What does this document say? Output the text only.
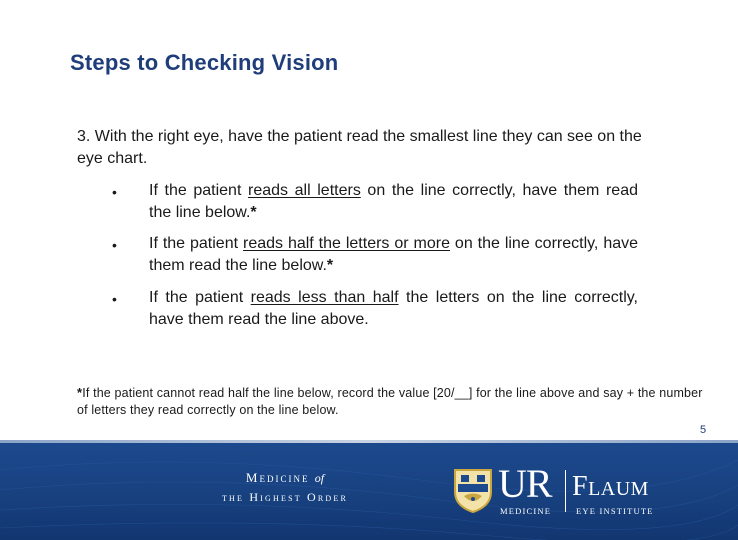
Steps to Checking Vision

3. With the right eye, have the patient read the smallest line they can see on the eye chart.

•	If the patient reads all letters on the line correctly, have them read the line below.*
•	If the patient reads half the letters or more on the line correctly, have them read the line below.*
•	If the patient reads less than half the letters on the line correctly, have them read the line above.

*If the patient cannot read half the line below, record the value [20/__] for the line above and say + the number of letters they read correctly on the line below.

5
Medicine of
the Highest Order	UR
MEDICINE
Flaum
EYE INSTITUTE
